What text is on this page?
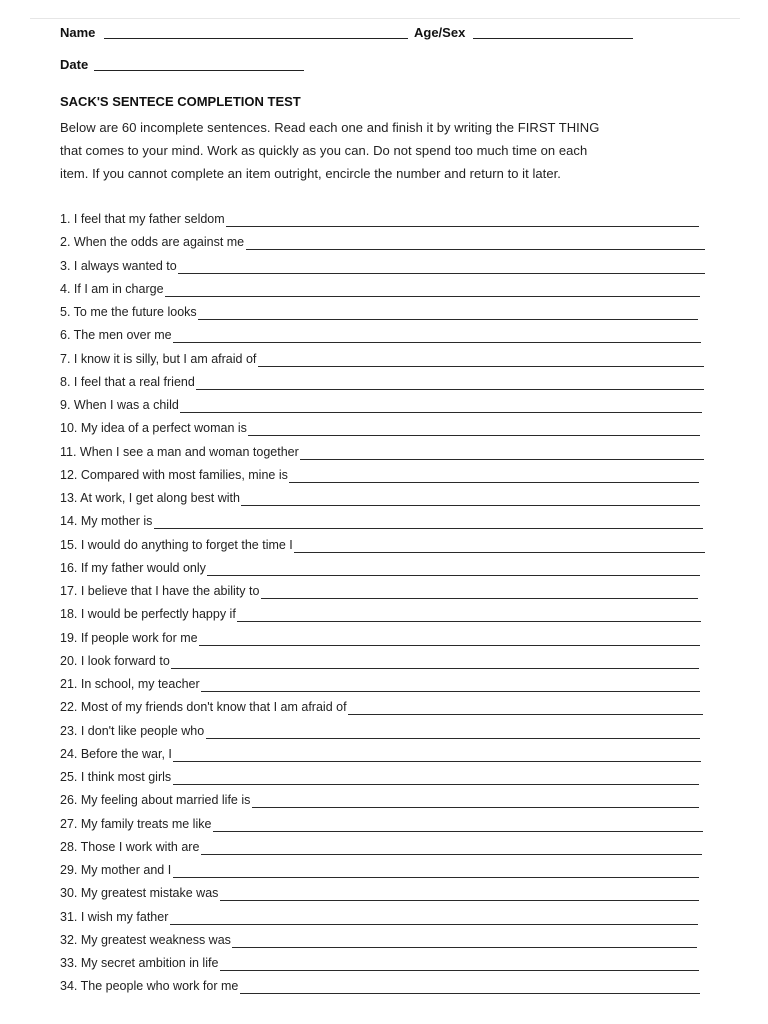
Name	Age/Sex
Date
SACK'S SENTECE COMPLETION TEST
Below are 60 incomplete sentences. Read each one and finish it by writing the FIRST THING
that comes to your mind. Work as quickly as you can. Do not spend too much time on each
item. If you cannot complete an item outright, encircle the number and return to it later.
1. I feel that my father seldom
2. When the odds are against me
3. I always wanted to
4. If I am in charge
5. To me the future looks
6. The men over me
7. I know it is silly, but I am afraid of
8. I feel that a real friend
9. When I was a child
10. My idea of a perfect woman is
11. When I see a man and woman together
12. Compared with most families, mine is
13. At work, I get along best with
14. My mother is
15. I would do anything to forget the time I
16. If my father would only
17. I believe that I have the ability to
18. I would be perfectly happy if
19. If people work for me
20. I look forward to
21. In school, my teacher
22. Most of my friends don't know that I am afraid of
23. I don't like people who
24. Before the war, I
25. I think most girls
26. My feeling about married life is
27. My family treats me like
28. Those I work with are
29. My mother and I
30. My greatest mistake was
31. I wish my father
32. My greatest weakness was
33. My secret ambition in life
34. The people who work for me
